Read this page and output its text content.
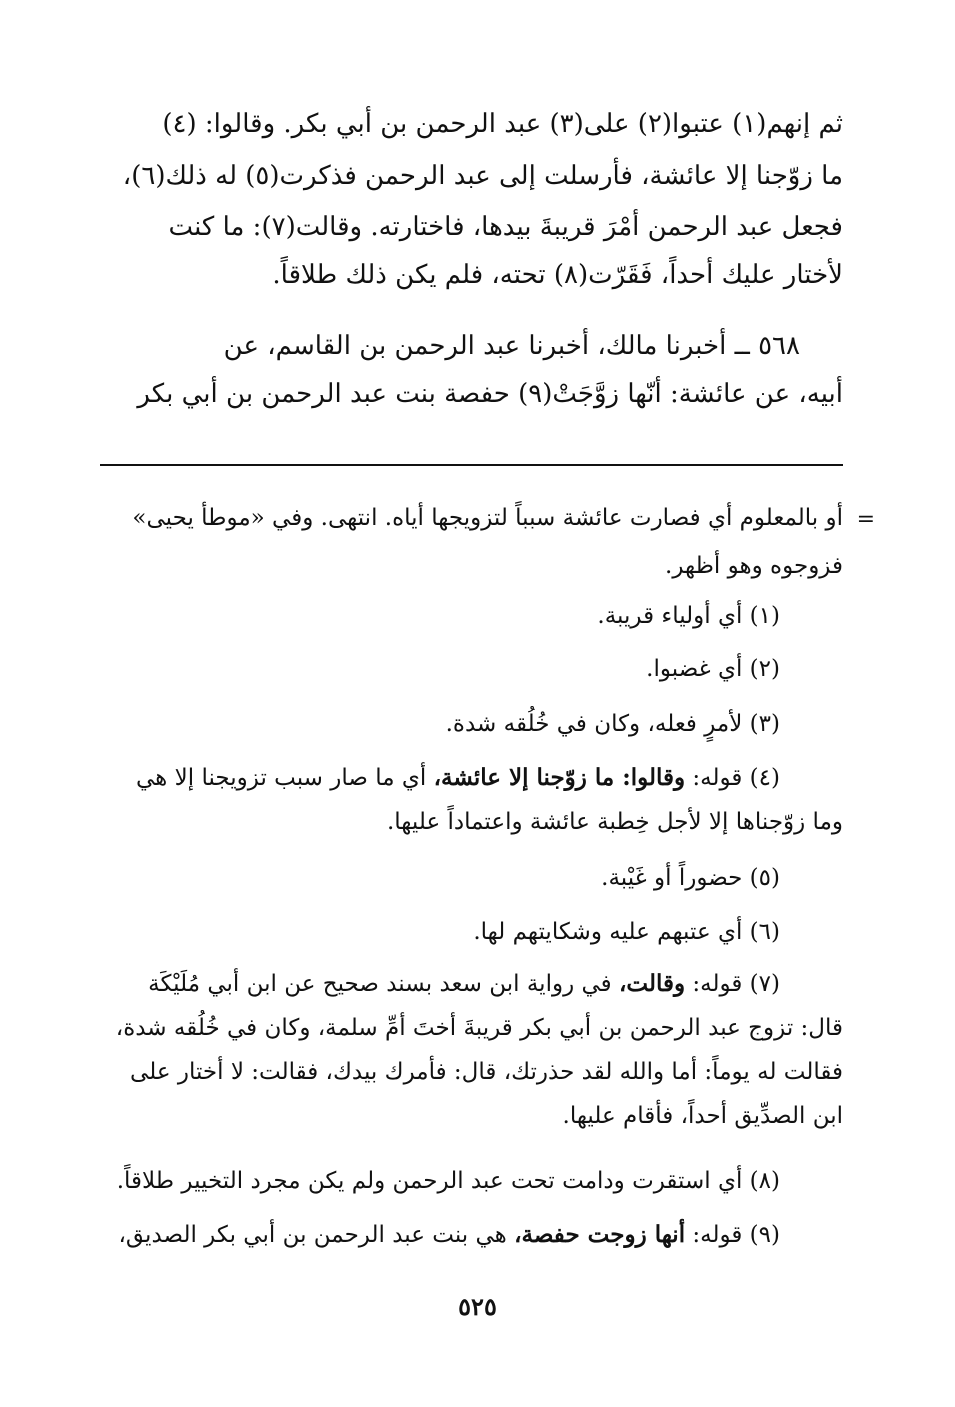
ثم إنهم(١) عتبوا(٢) على(٣) عبد الرحمن بن أبي بكر. وقالوا: (٤)
ما زوّجنا إلا عائشة، فأرسلت إلى عبد الرحمن فذكرت(٥) له ذلك(٦)،
فجعل عبد الرحمن أمْرَ قريبةَ بيدها، فاختارته. وقالت(٧): ما كنت
لأختار عليك أحداً، فَقَرّت(٨) تحته، فلم يكن ذلك طلاقاً.
٥٦٨ ــ أخبرنا مالك، أخبرنا عبد الرحمن بن القاسم، عن
أبيه، عن عائشة: أنّها زوَّجَتْ(٩) حفصة بنت عبد الرحمن بن أبي بكر
=
أو بالمعلوم أي فصارت عائشة سبباً لتزويجها أياه. انتهى. وفي «موطأ يحيى»
فزوجوه وهو أظهر.
(١) أي أولياء قريبة.
(٢) أي غضبوا.
(٣) لأمرٍ فعله، وكان في خُلُقه شدة.
(٤) قوله: وقالوا: ما زوّجنا إلا عائشة، أي ما صار سبب تزويجنا إلا هي
وما زوّجناها إلا لأجل خِطبة عائشة واعتماداً عليها.
(٥) حضوراً أو غَيْبة.
(٦) أي عتبهم عليه وشكايتهم لها.
(٧) قوله: وقالت، في رواية ابن سعد بسند صحيح عن ابن أبي مُلَيْكَة
قال: تزوج عبد الرحمن بن أبي بكر قريبةَ أختَ أمِّ سلمة، وكان في خُلُقه شدة،
فقالت له يوماً: أما والله لقد حذرتك، قال: فأمرك بيدك، فقالت: لا أختار على
ابن الصدِّيق أحداً، فأقام عليها.
(٨) أي استقرت ودامت تحت عبد الرحمن ولم يكن مجرد التخيير طلاقاً.
(٩) قوله: أنها زوجت حفصة، هي بنت عبد الرحمن بن أبي بكر الصديق،
٥٢٥
